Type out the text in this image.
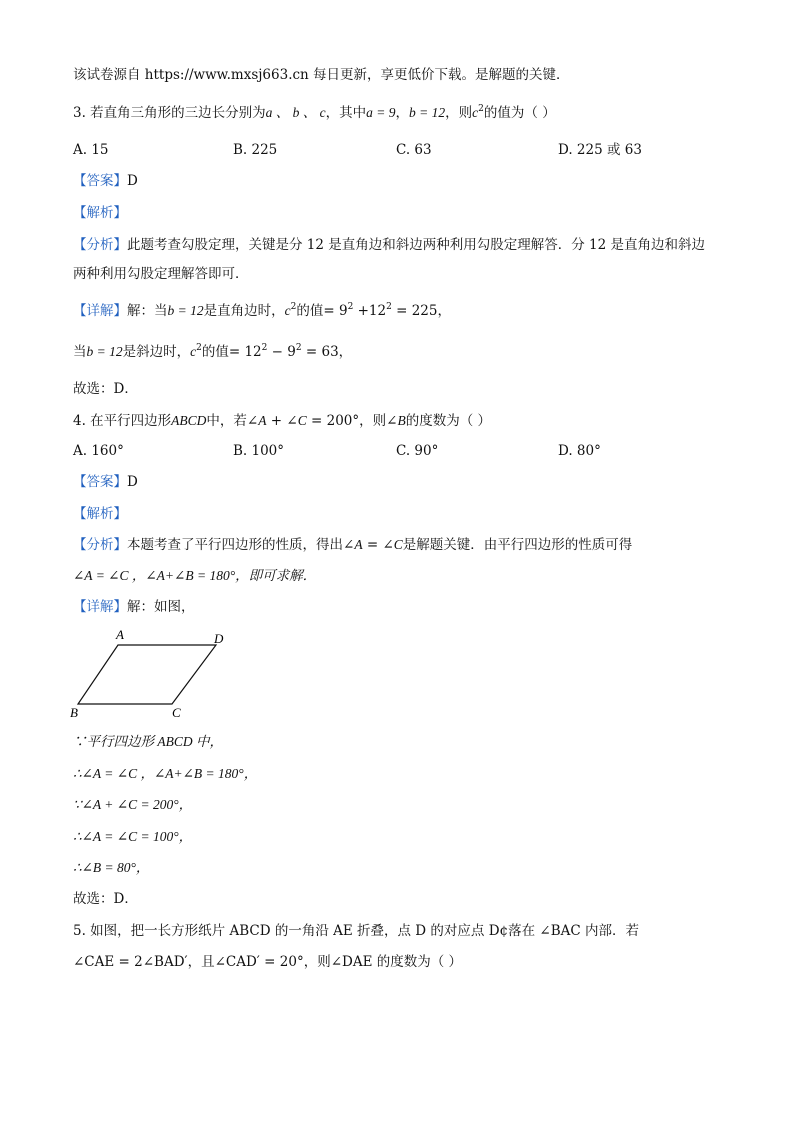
该试卷源自 https://www.mxsj663.cn 每日更新，享更低价下载。是解题的关键．
3. 若直角三角形的三边长分别为a 、 b 、 c，其中a = 9，b = 12，则$c^2$的值为（ ）
A. 15	B. 225	C. 63	D. 225 或 63
【答案】D
【解析】
【分析】此题考查勾股定理，关键是分 12 是直角边和斜边两种利用勾股定理解答．分 12 是直角边和斜边
两种利用勾股定理解答即可．
【详解】解：当b = 12是直角边时，$c^2$的值= $9^2 +12^2 = 225$，
当b = 12是斜边时，$c^2$的值= $12^2 - 9^2 = 63$，
故选：D．
4. 在平行四边形ABCD中，若∠A + ∠C = 200°，则∠B的度数为（ ）
A. 160°	B. 100°	C. 90°	D. 80°
【答案】D
【解析】
【分析】本题考查了平行四边形的性质，得出∠A = ∠C是解题关键．由平行四边形的性质可得
∠A = ∠C ，∠A+∠B = 180°，即可求解．
【详解】解：如图，
A	D
B	C
∵平行四边形 ABCD 中，
∴∠A = ∠C ，∠A+∠B = 180°，
∵∠A + ∠C = 200°，
∴∠A = ∠C = 100°，
∴∠B = 80°，
故选：D．
5. 如图，把一长方形纸片 ABCD 的一角沿 AE 折叠，点 D 的对应点 D¢落在 ∠BAC 内部．若
∠CAE = 2∠BAD′，且∠CAD′ = 20°，则∠DAE 的度数为（ ）
